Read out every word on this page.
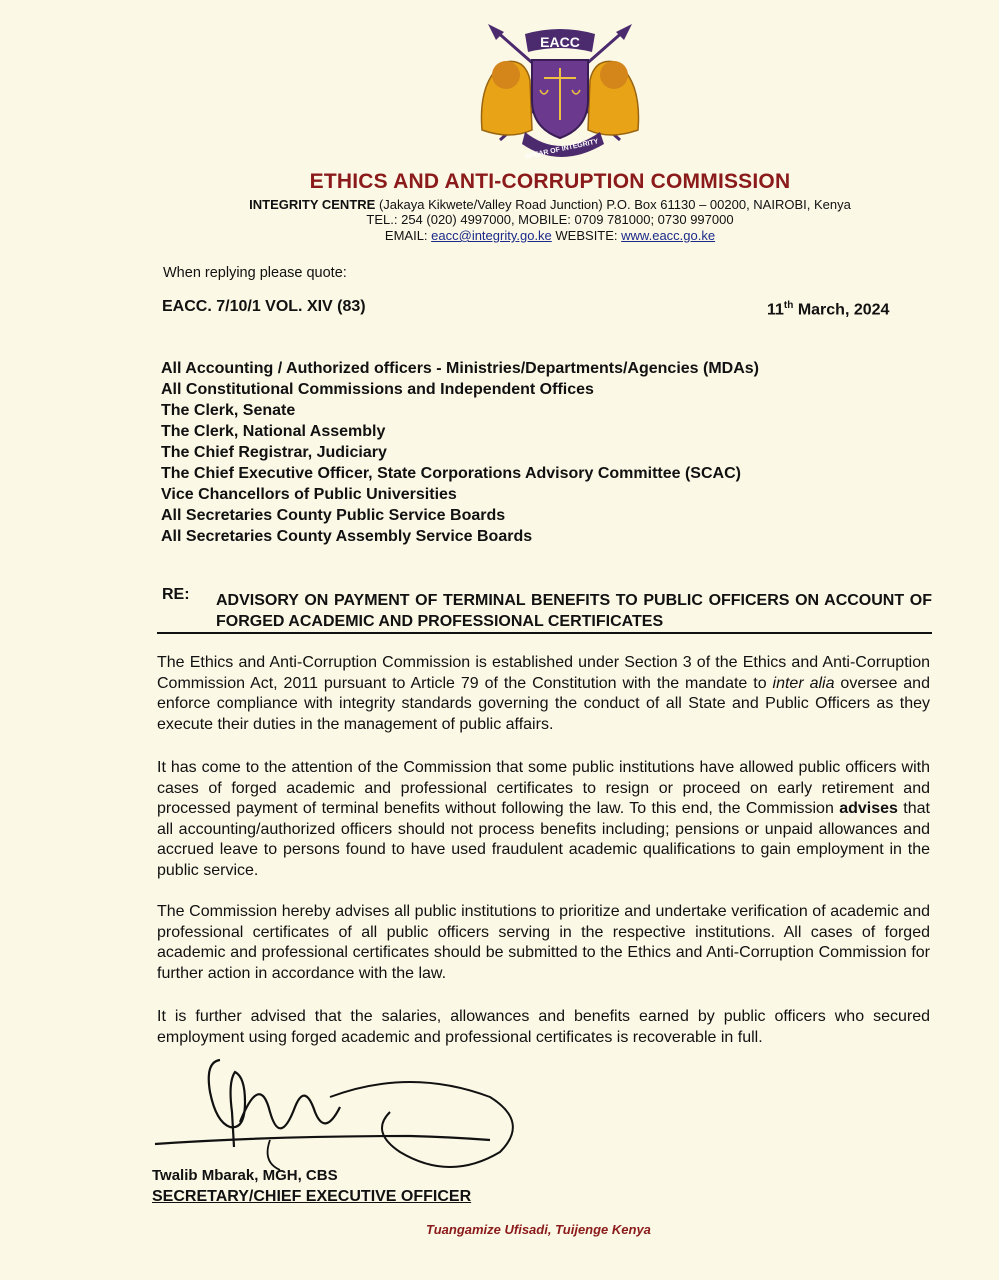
EACC
SPEAR OF INTEGRITY
ETHICS AND ANTI-CORRUPTION COMMISSION
INTEGRITY CENTRE (Jakaya Kikwete/Valley Road Junction) P.O. Box 61130 – 00200, NAIROBI, Kenya
TEL.: 254 (020) 4997000, MOBILE: 0709 781000; 0730 997000
EMAIL: eacc@integrity.go.ke WEBSITE: www.eacc.go.ke
When replying please quote:
EACC. 7/10/1 VOL. XIV (83)	11th March, 2024
All Accounting / Authorized officers - Ministries/Departments/Agencies (MDAs)
All Constitutional Commissions and Independent Offices
The Clerk, Senate
The Clerk, National Assembly
The Chief Registrar, Judiciary
The Chief Executive Officer, State Corporations Advisory Committee (SCAC)
Vice Chancellors of Public Universities
All Secretaries County Public Service Boards
All Secretaries County Assembly Service Boards
RE: ADVISORY ON PAYMENT OF TERMINAL BENEFITS TO PUBLIC OFFICERS ON ACCOUNT OF FORGED ACADEMIC AND PROFESSIONAL CERTIFICATES
The Ethics and Anti-Corruption Commission is established under Section 3 of the Ethics and Anti-Corruption Commission Act, 2011 pursuant to Article 79 of the Constitution with the mandate to inter alia oversee and enforce compliance with integrity standards governing the conduct of all State and Public Officers as they execute their duties in the management of public affairs.
It has come to the attention of the Commission that some public institutions have allowed public officers with cases of forged academic and professional certificates to resign or proceed on early retirement and processed payment of terminal benefits without following the law. To this end, the Commission advises that all accounting/authorized officers should not process benefits including; pensions or unpaid allowances and accrued leave to persons found to have used fraudulent academic qualifications to gain employment in the public service.
The Commission hereby advises all public institutions to prioritize and undertake verification of academic and professional certificates of all public officers serving in the respective institutions. All cases of forged academic and professional certificates should be submitted to the Ethics and Anti-Corruption Commission for further action in accordance with the law.
It is further advised that the salaries, allowances and benefits earned by public officers who secured employment using forged academic and professional certificates is recoverable in full.
Twalib Mbarak, MGH, CBS
SECRETARY/CHIEF EXECUTIVE OFFICER
Tuangamize Ufisadi, Tuijenge Kenya
